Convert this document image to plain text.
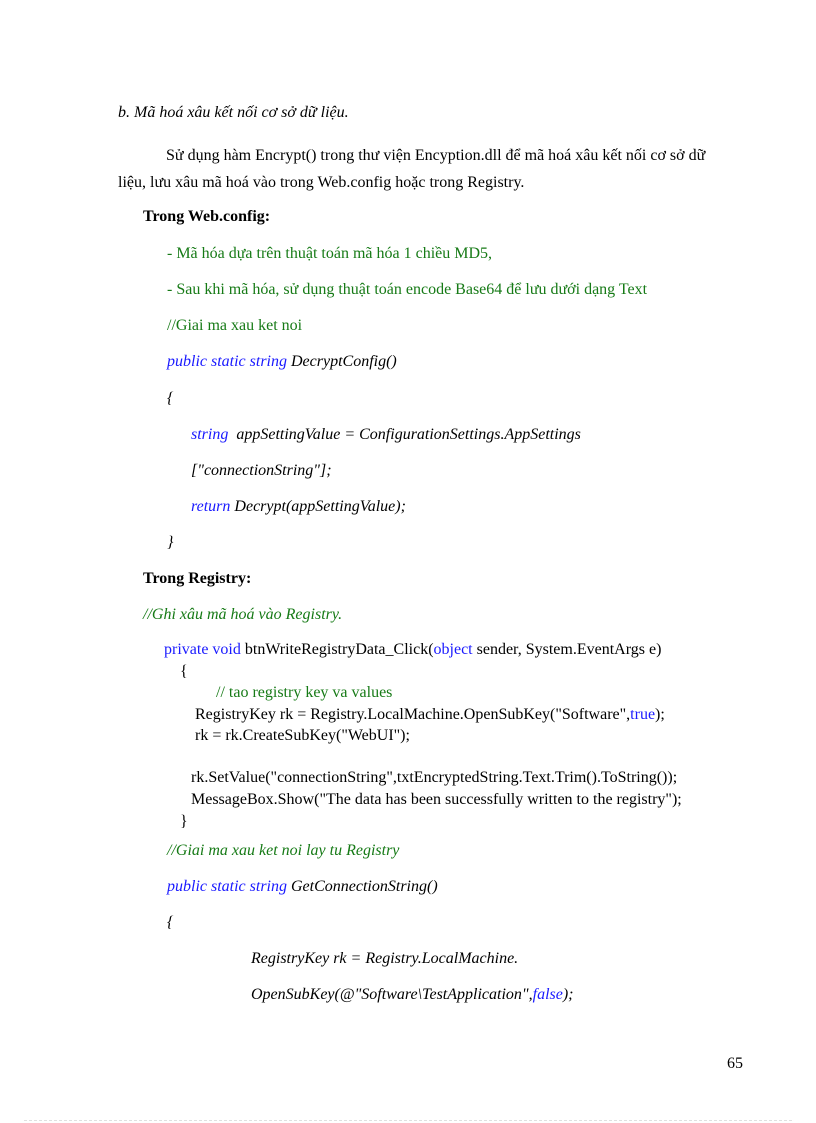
b. Mã hoá xâu kết nối cơ sở dữ liệu.
Sử dụng hàm Encrypt() trong thư viện Encyption.dll để mã hoá xâu kết nối cơ sở dữ
liệu, lưu xâu mã hoá vào trong Web.config hoặc trong Registry.
Trong Web.config:
- Mã hóa dựa trên thuật toán mã hóa 1 chiều MD5,
- Sau khi mã hóa, sử dụng thuật toán encode Base64 để lưu dưới dạng Text
//Giai ma xau ket noi
public static string DecryptConfig()
{
string  appSettingValue = ConfigurationSettings.AppSettings
["connectionString"];
return Decrypt(appSettingValue);
}
Trong Registry:
//Ghi xâu mã hoá vào Registry.
private void btnWriteRegistryData_Click(object sender, System.EventArgs e)
{
// tao registry key va values
RegistryKey rk = Registry.LocalMachine.OpenSubKey("Software",true);
rk = rk.CreateSubKey("WebUI");
rk.SetValue("connectionString",txtEncryptedString.Text.Trim().ToString());
MessageBox.Show("The data has been successfully written to the registry");
}
//Giai ma xau ket noi lay tu Registry
public static string GetConnectionString()
{
RegistryKey rk = Registry.LocalMachine.
OpenSubKey(@"Software\TestApplication",false);
65
